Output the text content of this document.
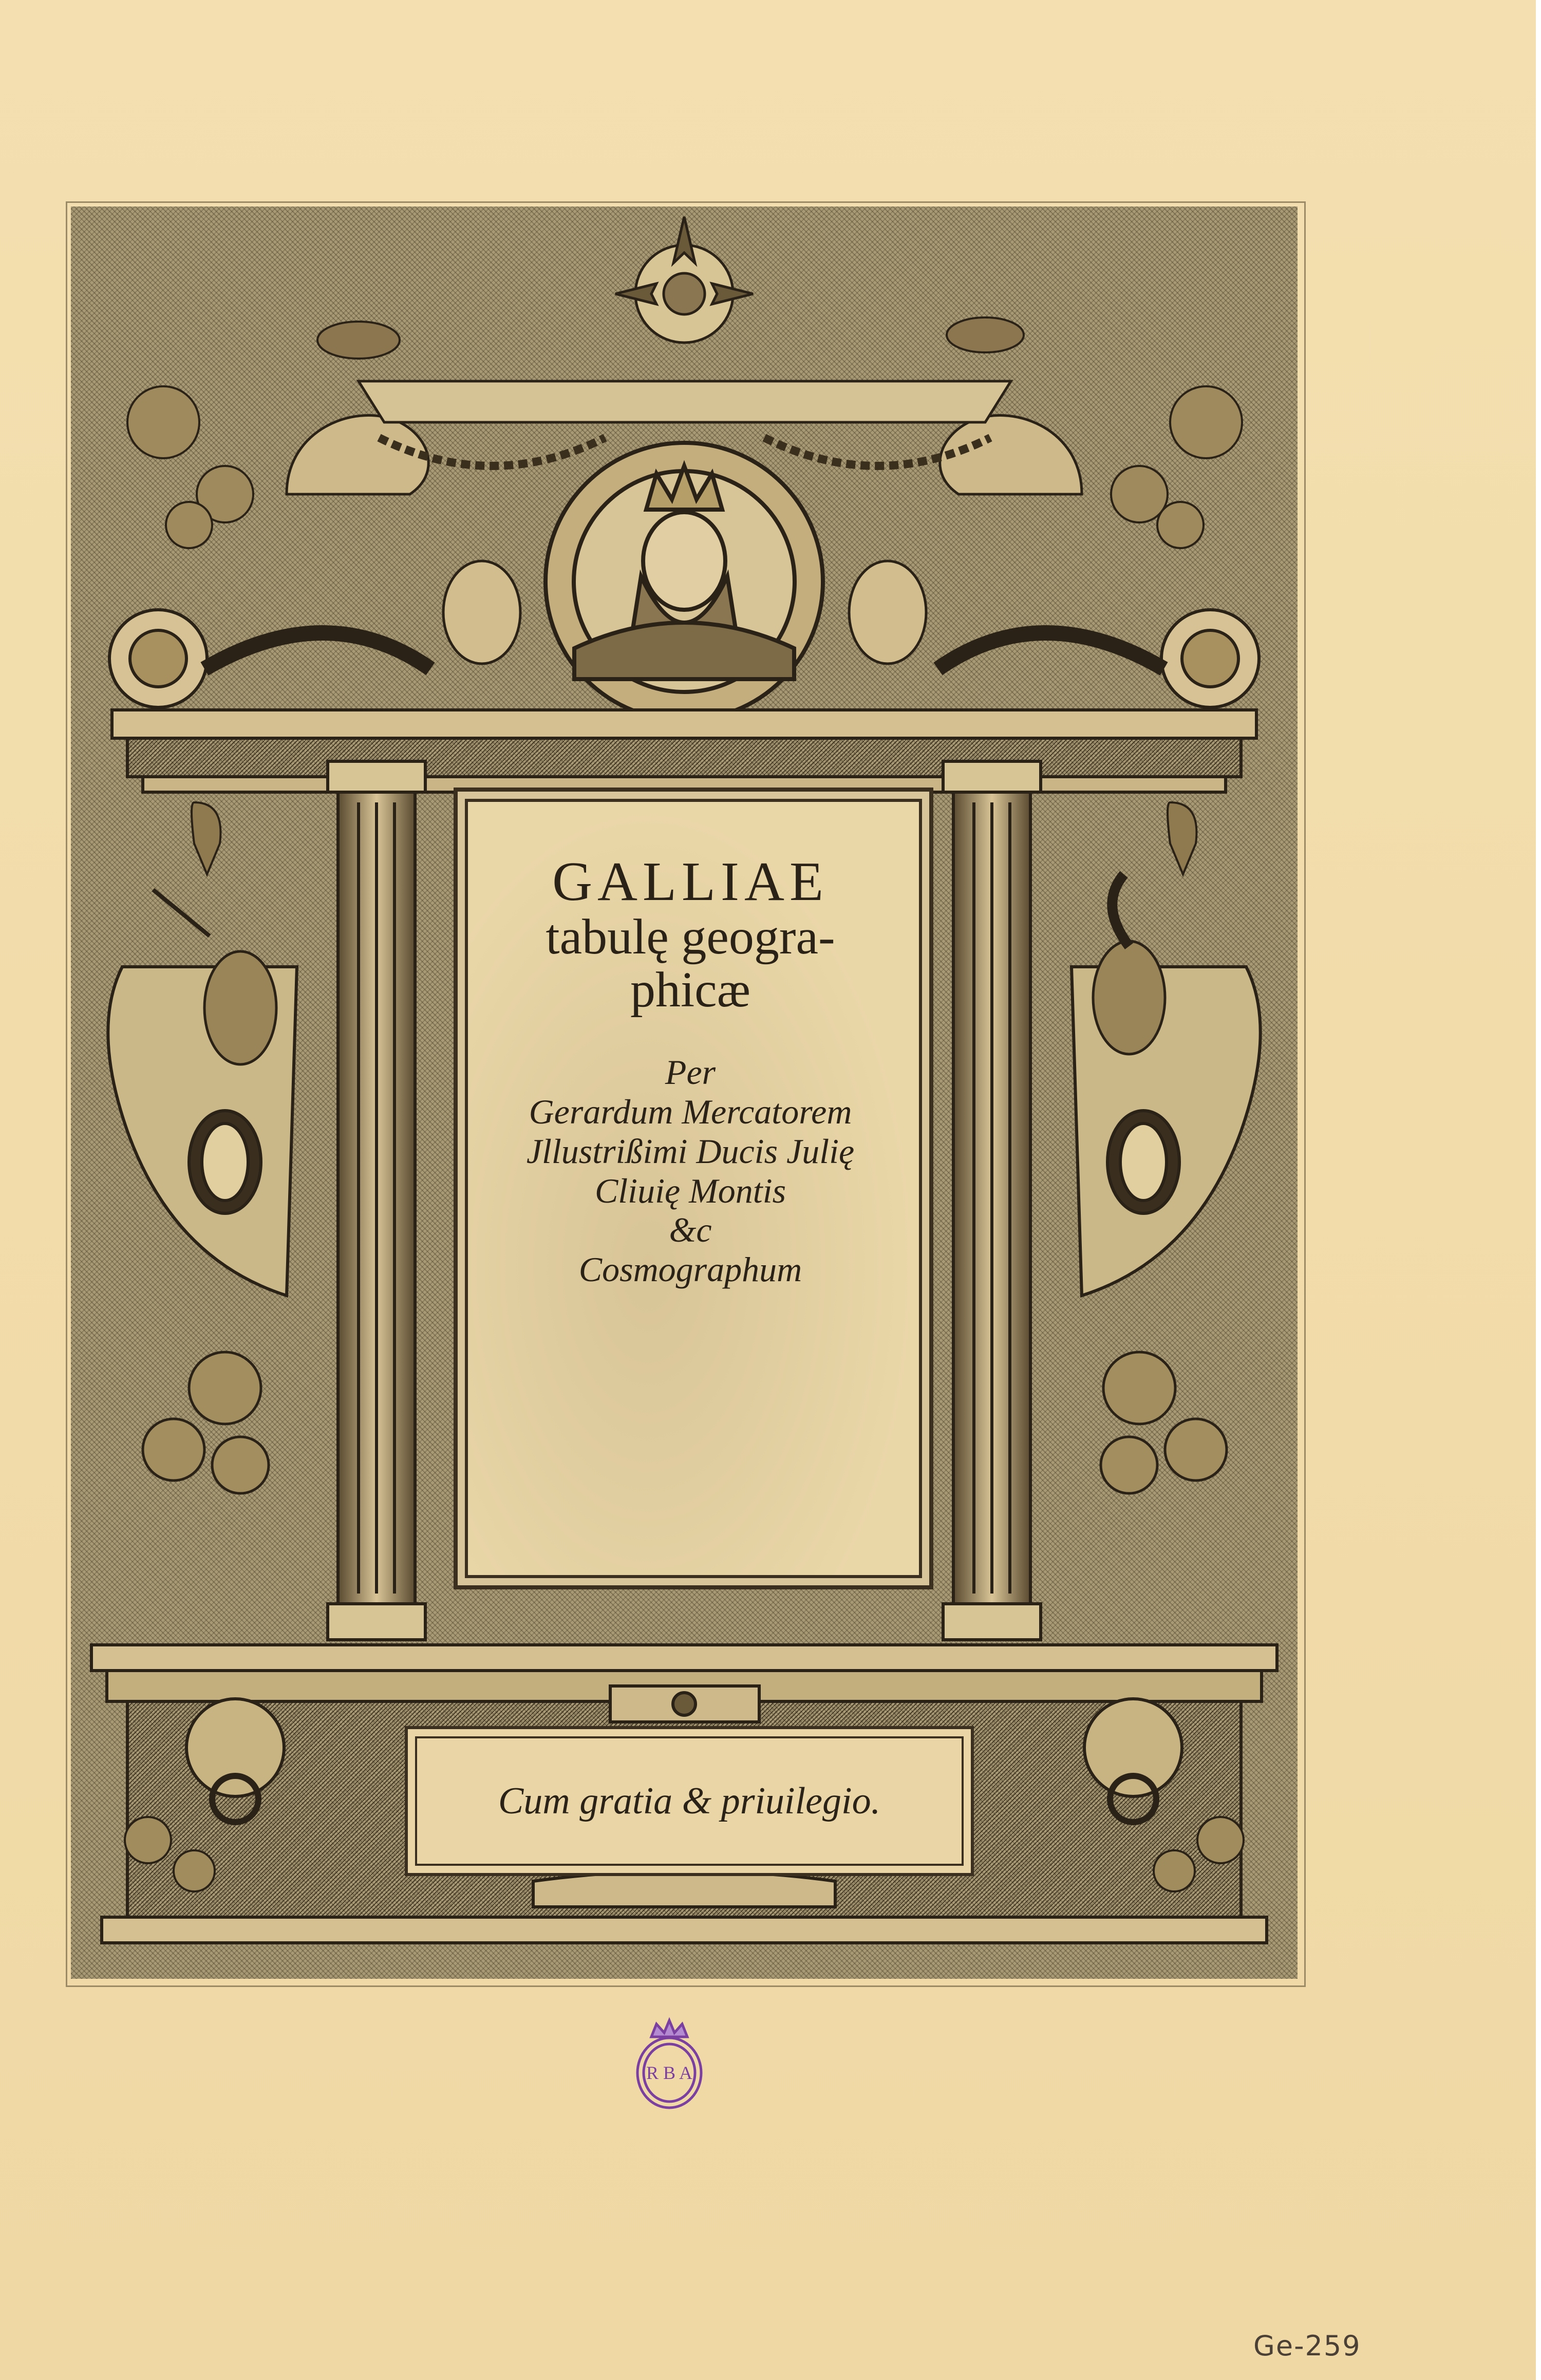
GALLIAE
tabulę geogra-phicæ
Per
Gerardum Mercatorem
Jllustrißimi Ducis Julię
Cliuię Montis
&c
Cosmographum
Cum gratia & priuilegio.
R B A
Ge-259
